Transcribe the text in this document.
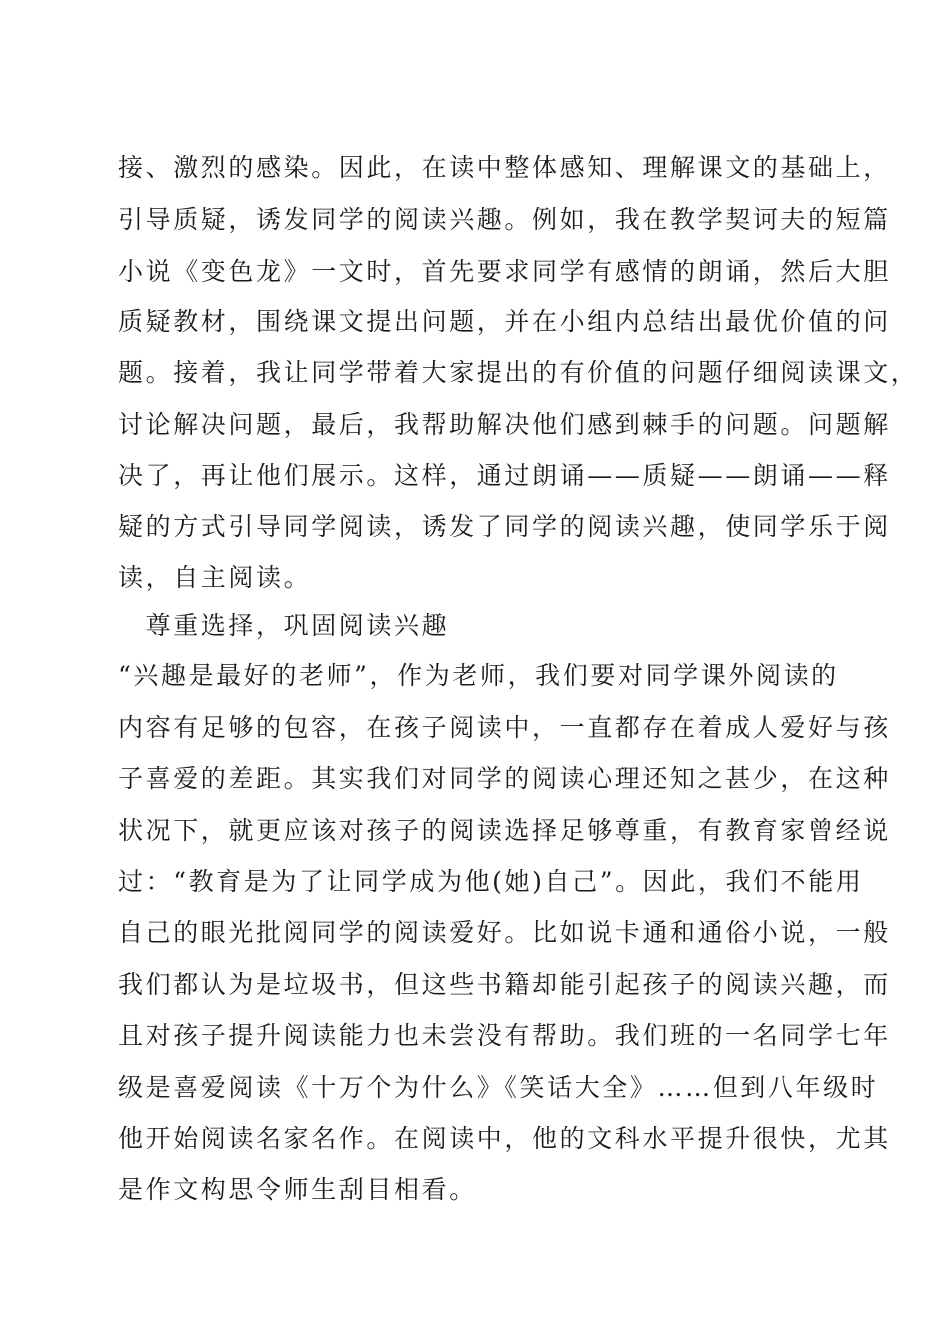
接、激烈的感染。因此，在读中整体感知、理解课文的基础上，
引导质疑，诱发同学的阅读兴趣。例如，我在教学契诃夫的短篇
小说《变色龙》一文时，首先要求同学有感情的朗诵，然后大胆
质疑教材，围绕课文提出问题，并在小组内总结出最优价值的问
题。接着，我让同学带着大家提出的有价值的问题仔细阅读课文，
讨论解决问题，最后，我帮助解决他们感到棘手的问题。问题解
决了，再让他们展示。这样，通过朗诵——质疑——朗诵——释
疑的方式引导同学阅读，诱发了同学的阅读兴趣，使同学乐于阅
读，自主阅读。
　尊重选择，巩固阅读兴趣
“兴趣是最好的老师”，作为老师，我们要对同学课外阅读的
内容有足够的包容，在孩子阅读中，一直都存在着成人爱好与孩
子喜爱的差距。其实我们对同学的阅读心理还知之甚少，在这种
状况下，就更应该对孩子的阅读选择足够尊重，有教育家曾经说
过：“教育是为了让同学成为他(她)自己”。因此，我们不能用
自己的眼光批阅同学的阅读爱好。比如说卡通和通俗小说，一般
我们都认为是垃圾书，但这些书籍却能引起孩子的阅读兴趣，而
且对孩子提升阅读能力也未尝没有帮助。我们班的一名同学七年
级是喜爱阅读《十万个为什么》《笑话大全》……但到八年级时
他开始阅读名家名作。在阅读中，他的文科水平提升很快，尤其
是作文构思令师生刮目相看。
